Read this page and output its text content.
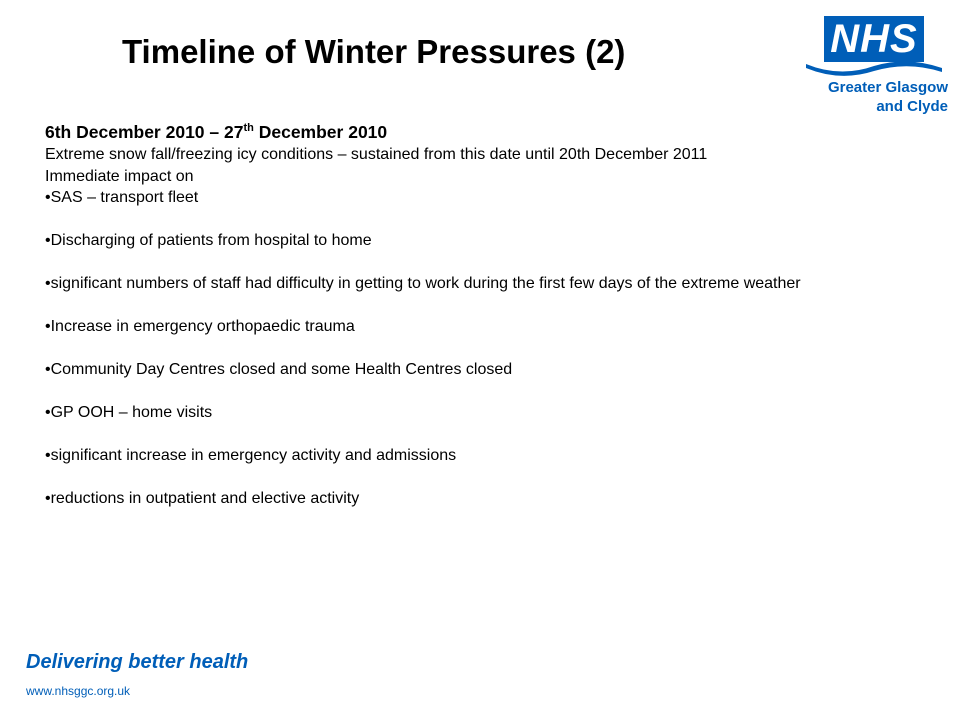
Timeline of Winter Pressures (2)	NHS
Greater Glasgow
and Clyde

6th December 2010 – 27th December 2010

Extreme snow fall/freezing icy conditions – sustained from this date until 20th December 2011

Immediate impact on

•SAS – transport fleet

•Discharging of patients from hospital to home

•significant numbers of staff had difficulty in getting to work during the first few days of the extreme weather

•Increase in emergency orthopaedic trauma

•Community Day Centres closed and some Health Centres closed

•GP OOH – home visits

•significant increase in emergency activity and admissions

•reductions in outpatient and elective activity

Delivering better health
www.nhsggc.org.uk
